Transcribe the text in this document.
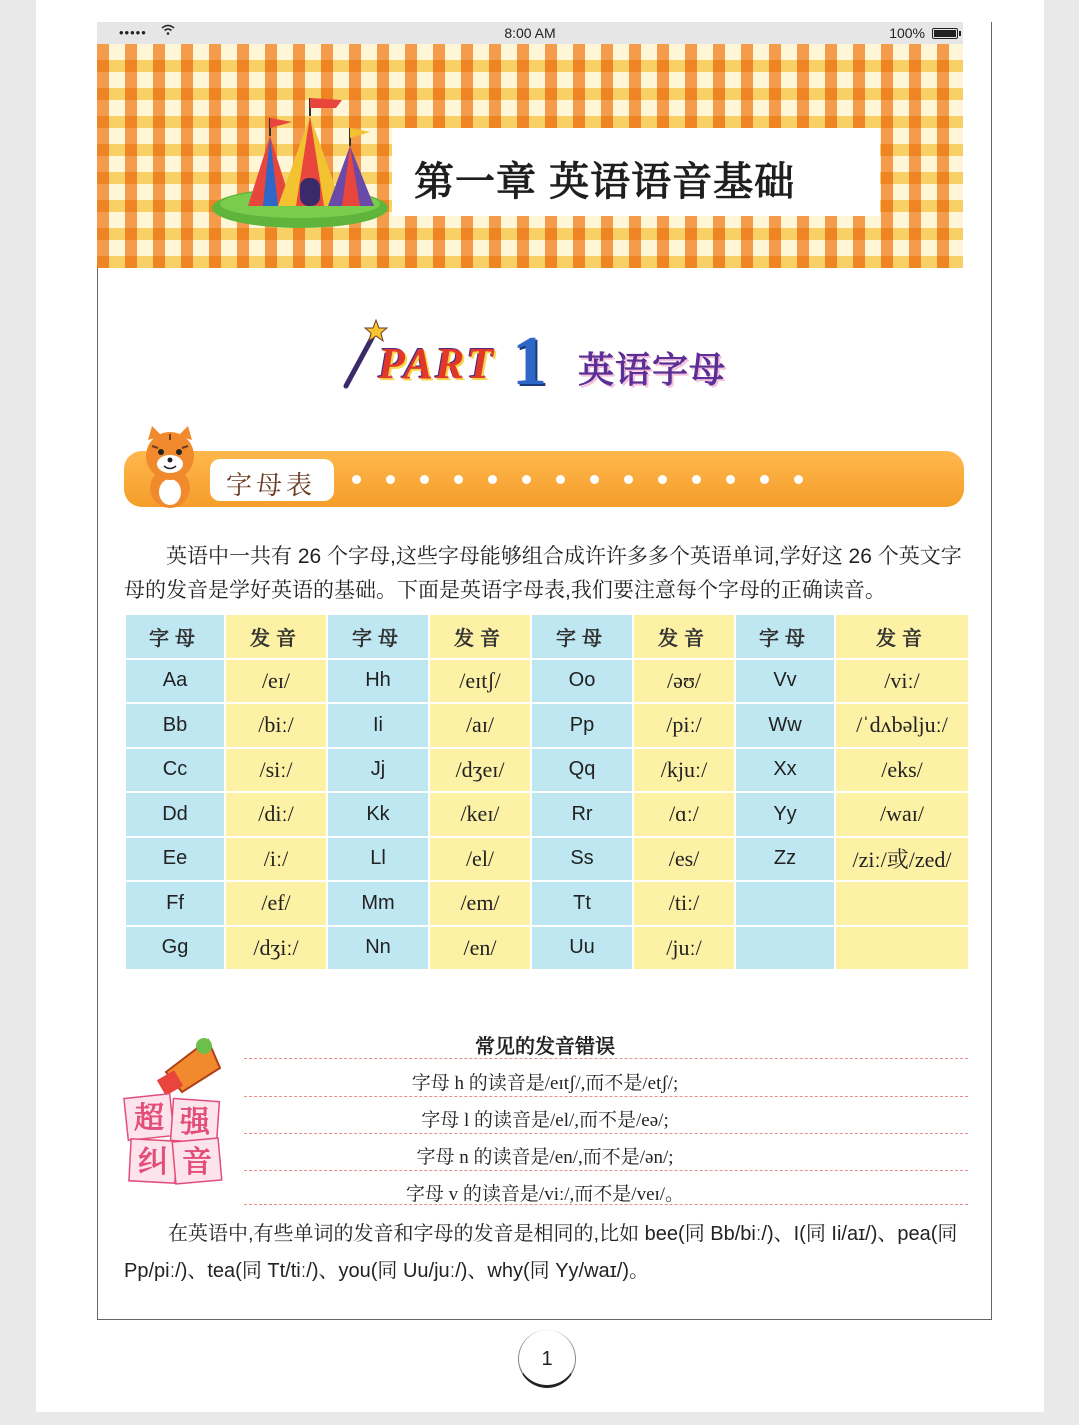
•••••	8:00 AM	100%
第一章 英语语音基础
PART 1 英语字母
字母表

英语中一共有 26 个字母,这些字母能够组合成许许多多个英语单词,学好这 26 个英文字母的发音是学好英语的基础。下面是英语字母表,我们要注意每个字母的正确读音。

字母	发音	字母	发音	字母	发音	字母	发音
Aa	/eɪ/	Hh	/eɪtʃ/	Oo	/əʊ/	Vv	/viː/
Bb	/biː/	Ii	/aɪ/	Pp	/piː/	Ww	/ˈdʌbəljuː/
Cc	/siː/	Jj	/dʒeɪ/	Qq	/kjuː/	Xx	/eks/
Dd	/diː/	Kk	/keɪ/	Rr	/ɑː/	Yy	/waɪ/
Ee	/iː/	Ll	/el/	Ss	/es/	Zz	/ziː/或/zed/
Ff	/ef/	Mm	/em/	Tt	/tiː/		
Gg	/dʒiː/	Nn	/en/	Uu	/juː/		
常见的发音错误
字母 h 的读音是/eɪtʃ/,而不是/etʃ/;
字母 l 的读音是/el/,而不是/eə/;
字母 n 的读音是/en/,而不是/ən/;
字母 v 的读音是/viː/,而不是/veɪ/。
超 强
纠 音

在英语中,有些单词的发音和字母的发音是相同的,比如 bee(同 Bb/biː/)、I(同 Ii/aɪ/)、pea(同 Pp/piː/)、tea(同 Tt/tiː/)、you(同 Uu/juː/)、why(同 Yy/waɪ/)。

1
